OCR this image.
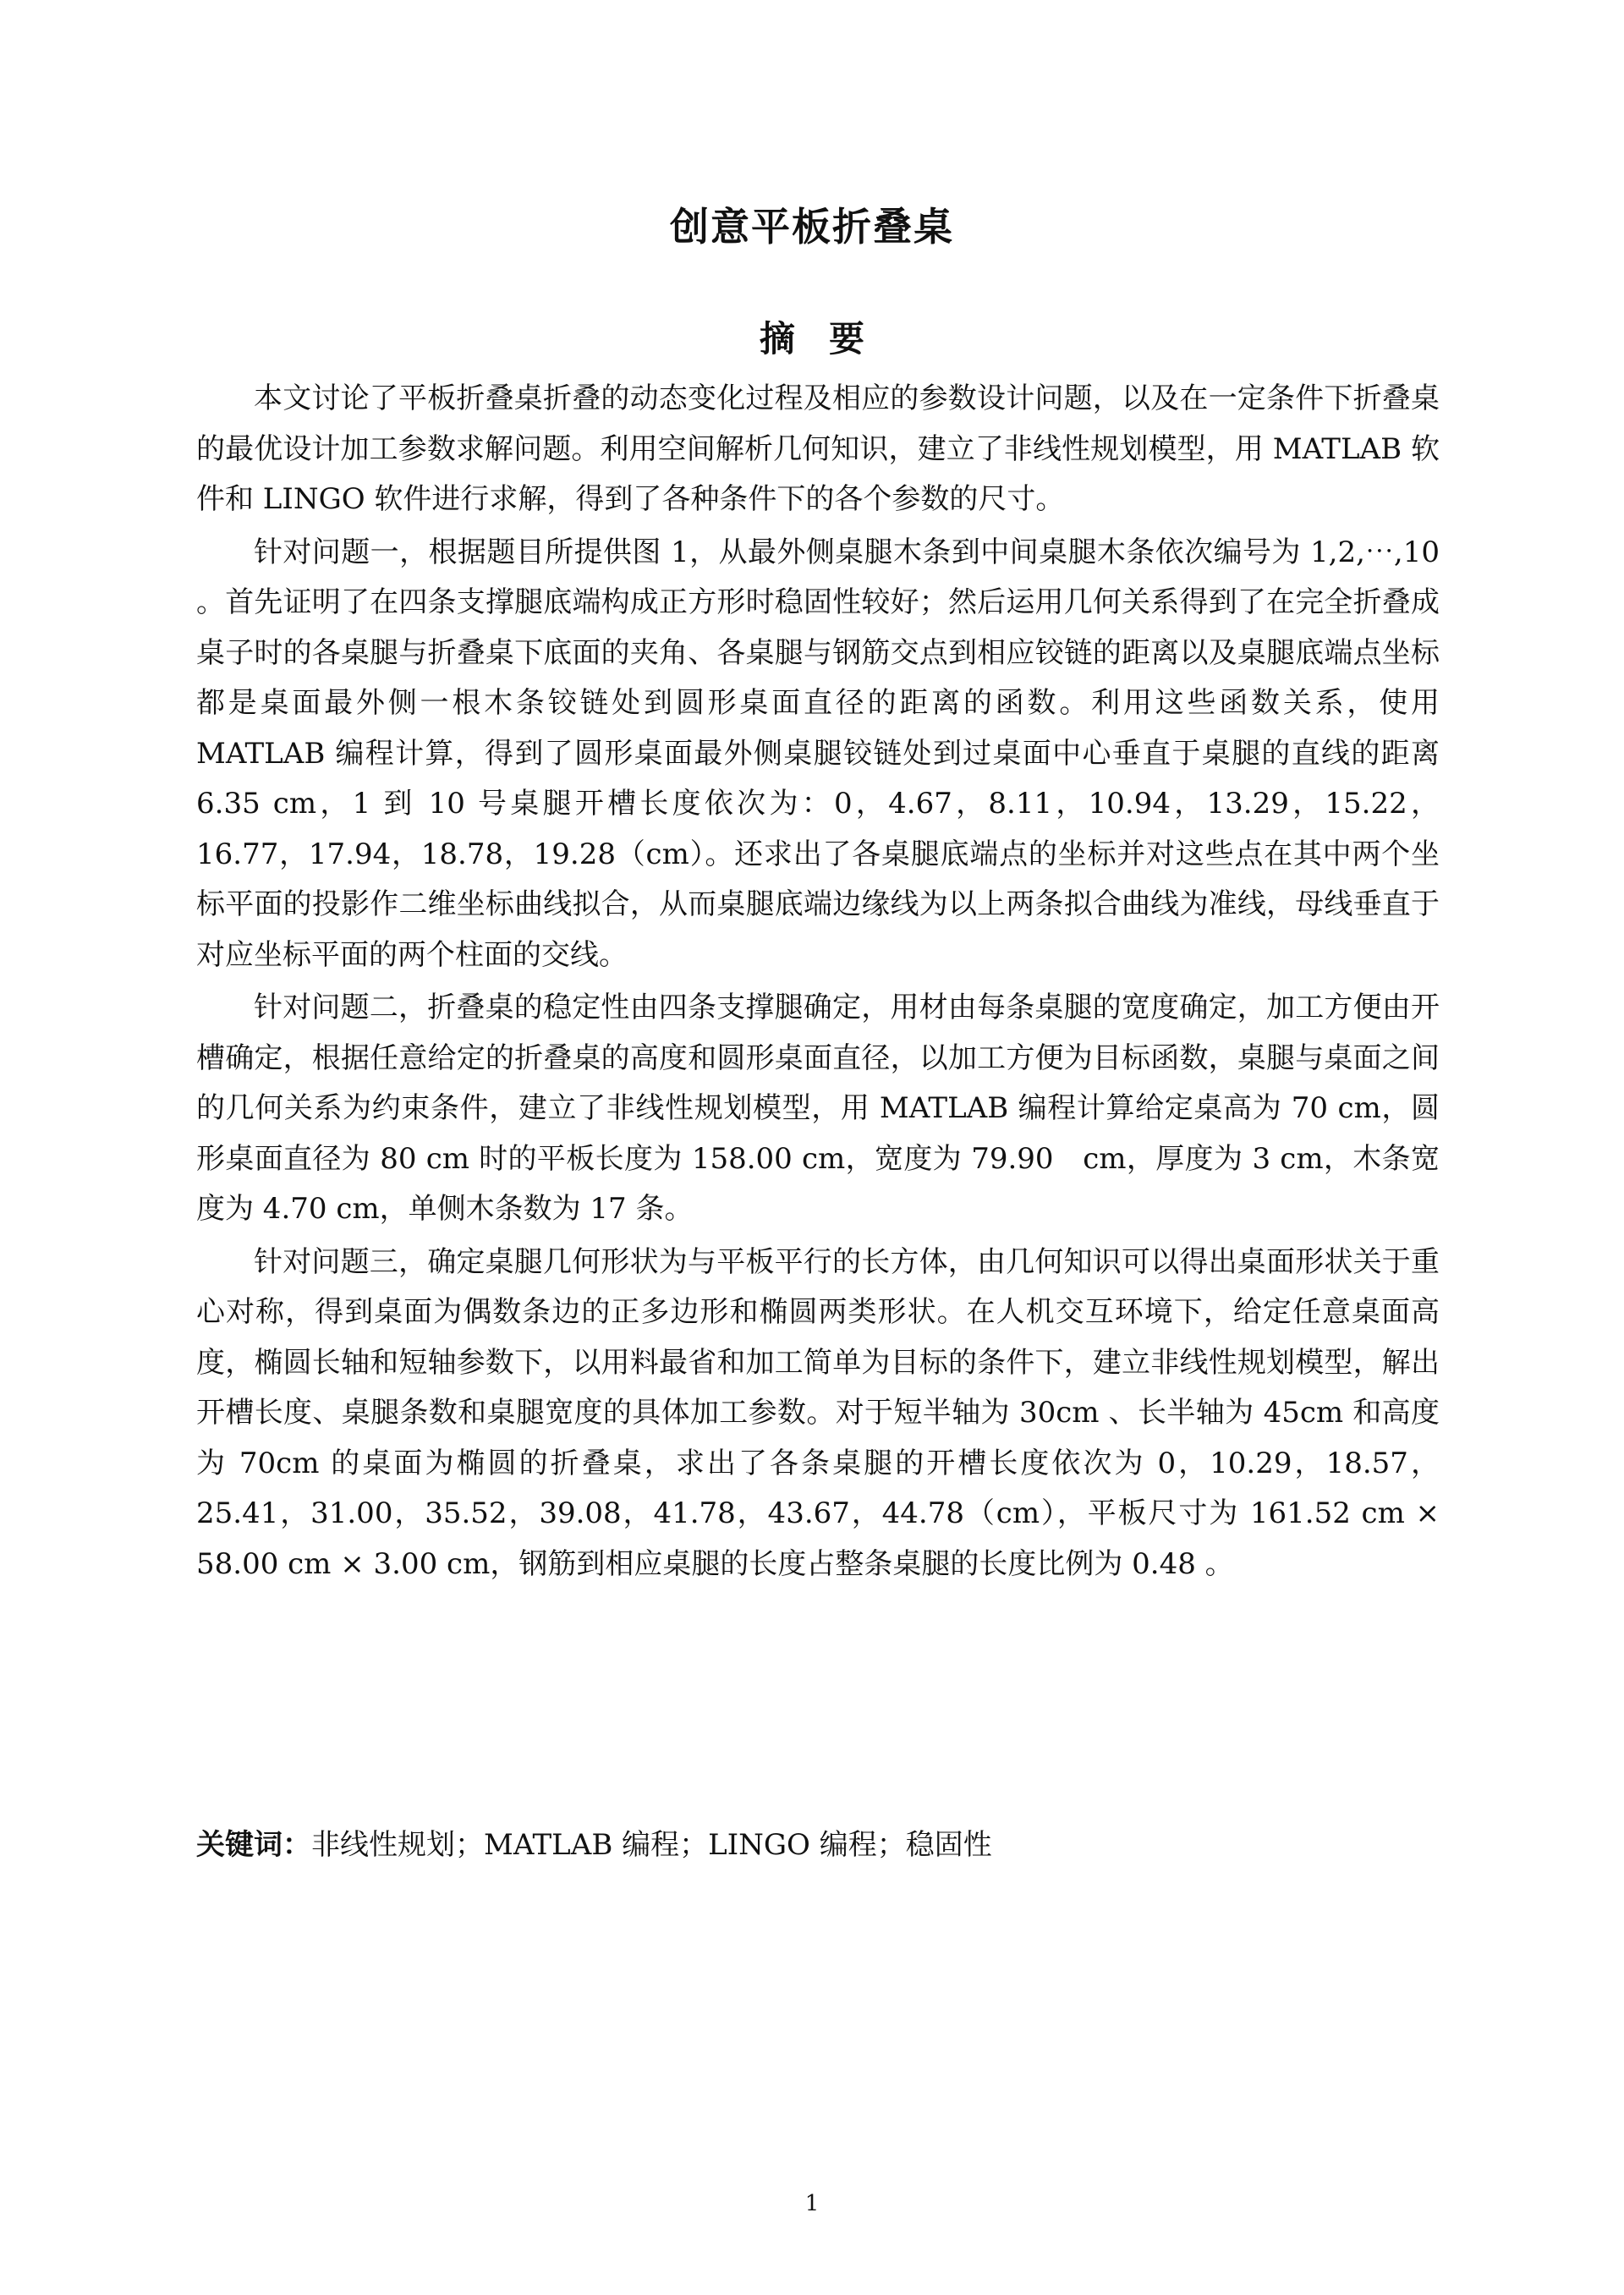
创意平板折叠桌
摘要

本文讨论了平板折叠桌折叠的动态变化过程及相应的参数设计问题，以及在一定条件下折叠桌的最优设计加工参数求解问题。利用空间解析几何知识，建立了非线性规划模型，用 MATLAB 软件和 LINGO 软件进行求解，得到了各种条件下的各个参数的尺寸。

针对问题一，根据题目所提供图 1，从最外侧桌腿木条到中间桌腿木条依次编号为 1,2,⋯,10 。首先证明了在四条支撑腿底端构成正方形时稳固性较好；然后运用几何关系得到了在完全折叠成桌子时的各桌腿与折叠桌下底面的夹角、各桌腿与钢筋交点到相应铰链的距离以及桌腿底端点坐标都是桌面最外侧一根木条铰链处到圆形桌面直径的距离的函数。利用这些函数关系，使用 MATLAB 编程计算，得到了圆形桌面最外侧桌腿铰链处到过桌面中心垂直于桌腿的直线的距离 6.35 cm，1 到 10 号桌腿开槽长度依次为：0，4.67，8.11，10.94，13.29，15.22，16.77，17.94，18.78，19.28（cm）。还求出了各桌腿底端点的坐标并对这些点在其中两个坐标平面的投影作二维坐标曲线拟合，从而桌腿底端边缘线为以上两条拟合曲线为准线，母线垂直于对应坐标平面的两个柱面的交线。

针对问题二，折叠桌的稳定性由四条支撑腿确定，用材由每条桌腿的宽度确定，加工方便由开槽确定，根据任意给定的折叠桌的高度和圆形桌面直径，以加工方便为目标函数，桌腿与桌面之间的几何关系为约束条件，建立了非线性规划模型，用 MATLAB 编程计算给定桌高为 70 cm，圆形桌面直径为 80 cm 时的平板长度为 158.00 cm，宽度为 79.90　cm，厚度为 3 cm，木条宽度为 4.70 cm，单侧木条数为 17 条。

针对问题三，确定桌腿几何形状为与平板平行的长方体，由几何知识可以得出桌面形状关于重心对称，得到桌面为偶数条边的正多边形和椭圆两类形状。在人机交互环境下，给定任意桌面高度，椭圆长轴和短轴参数下，以用料最省和加工简单为目标的条件下，建立非线性规划模型，解出开槽长度、桌腿条数和桌腿宽度的具体加工参数。对于短半轴为 30cm 、长半轴为 45cm 和高度为 70cm 的桌面为椭圆的折叠桌，求出了各条桌腿的开槽长度依次为 0，10.29，18.57，25.41，31.00，35.52，39.08，41.78，43.67，44.78（cm），平板尺寸为 161.52 cm × 58.00 cm × 3.00 cm，钢筋到相应桌腿的长度占整条桌腿的长度比例为 0.48 。

关键词：非线性规划；MATLAB 编程；LINGO 编程；稳固性
1
